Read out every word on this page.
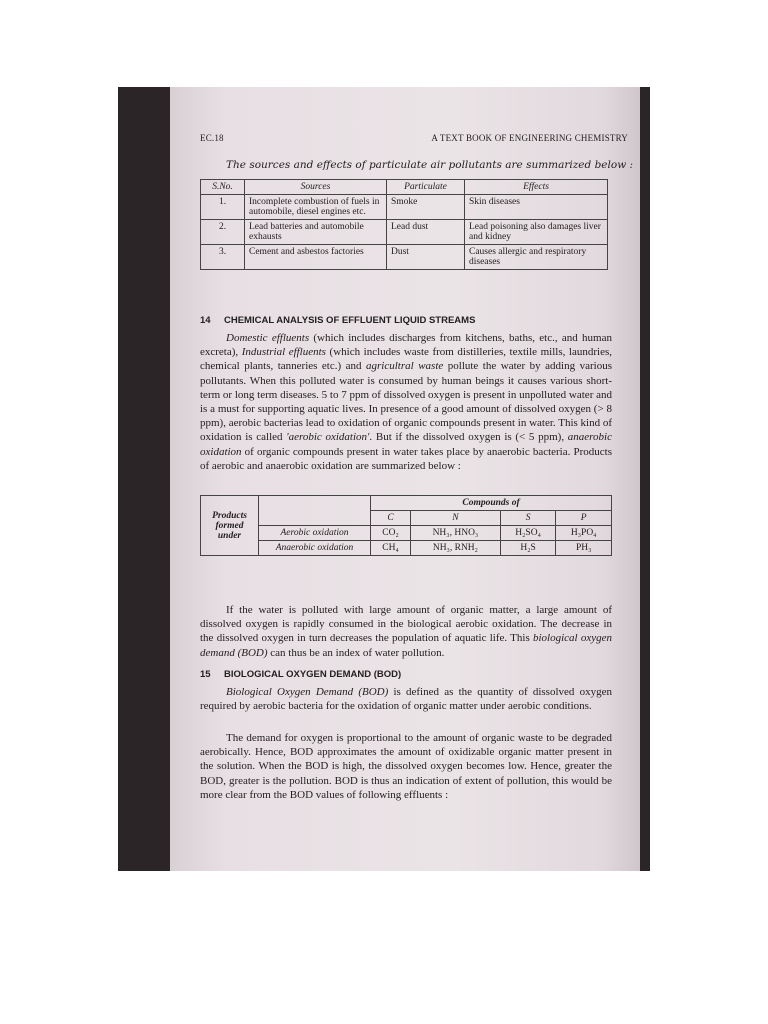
EC.18	A TEXT BOOK OF ENGINEERING CHEMISTRY
The sources and effects of particulate air pollutants are summarized below :
S.No.	Sources	Particulate	Effects
1.	Incomplete combustion of fuels in automobile, diesel engines etc.	Smoke	Skin diseases
2.	Lead batteries and automobile exhausts	Lead dust	Lead poisoning also damages liver and kidney
3.	Cement and asbestos factories	Dust	Causes allergic and respiratory diseases
14 CHEMICAL ANALYSIS OF EFFLUENT LIQUID STREAMS
Domestic effluents (which includes discharges from kitchens, baths, etc., and human excreta), Industrial effluents (which includes waste from distilleries, textile mills, laundries, chemical plants, tanneries etc.) and agricultral waste pollute the water by adding various pollutants. When this polluted water is consumed by human beings it causes various short-term or long term diseases. 5 to 7 ppm of dissolved oxygen is present in unpolluted water and is a must for supporting aquatic lives. In presence of a good amount of dissolved oxygen (> 8 ppm), aerobic bacterias lead to oxidation of organic compounds present in water. This kind of oxidation is called 'aerobic oxidation'. But if the dissolved oxygen is (< 5 ppm), anaerobic oxidation of organic compounds present in water takes place by anaerobic bacteria. Products of aerobic and anaerobic oxidation are summarized below :
Products formed under		Compounds of			
		C	N	S	P
	Aerobic oxidation	CO₂	NH₃, HNO₃	H₂SO₄	H₃PO₄
	Anaerobic oxidation	CH₄	NH₃, RNH₂	H₂S	PH₃
If the water is polluted with large amount of organic matter, a large amount of dissolved oxygen is rapidly consumed in the biological aerobic oxidation. The decrease in the dissolved oxygen in turn decreases the population of aquatic life. This biological oxygen demand (BOD) can thus be an index of water pollution.
15 BIOLOGICAL OXYGEN DEMAND (BOD)
Biological Oxygen Demand (BOD) is defined as the quantity of dissolved oxygen required by aerobic bacteria for the oxidation of organic matter under aerobic conditions.
The demand for oxygen is proportional to the amount of organic waste to be degraded aerobically. Hence, BOD approximates the amount of oxidizable organic matter present in the solution. When the BOD is high, the dissolved oxygen becomes low. Hence, greater the BOD, greater is the pollution. BOD is thus an indication of extent of pollution, this would be more clear from the BOD values of following effluents :
